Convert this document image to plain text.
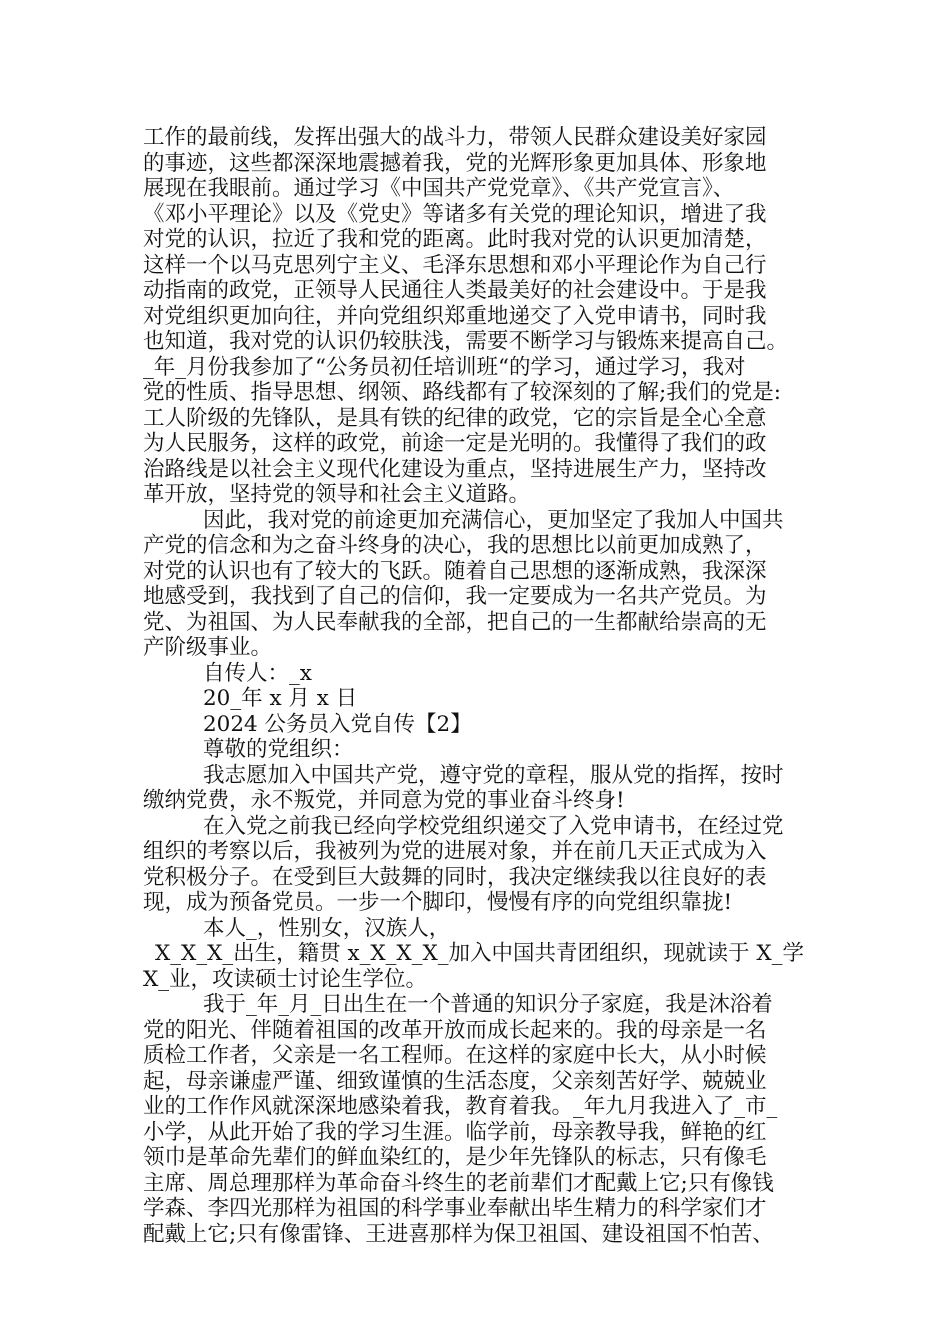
工作的最前线，发挥出强大的战斗力，带领人民群众建设美好家园
的事迹，这些都深深地震撼着我，党的光辉形象更加具体、形象地
展现在我眼前。通过学习《中国共产党党章》、《共产党宣言》、
《邓小平理论》以及《党史》等诸多有关党的理论知识，增进了我
对党的认识，拉近了我和党的距离。此时我对党的认识更加清楚，
这样一个以马克思列宁主义、毛泽东思想和邓小平理论作为自己行
动指南的政党，正领导人民通往人类最美好的社会建设中。于是我
对党组织更加向往，并向党组织郑重地递交了入党申请书，同时我
也知道，我对党的认识仍较肤浅，需要不断学习与锻炼来提高自己。
_年_月份我参加了“公务员初任培训班“的学习，通过学习，我对
党的性质、指导思想、纲领、路线都有了较深刻的了解;我们的党是:
工人阶级的先锋队，是具有铁的纪律的政党，它的宗旨是全心全意
为人民服务，这样的政党，前途一定是光明的。我懂得了我们的政
治路线是以社会主义现代化建设为重点，坚持进展生产力，坚持改
革开放，坚持党的领导和社会主义道路。
因此，我对党的前途更加充满信心，更加坚定了我加人中国共
产党的信念和为之奋斗终身的决心，我的思想比以前更加成熟了，
对党的认识也有了较大的飞跃。随着自己思想的逐渐成熟，我深深
地感受到，我找到了自己的信仰，我一定要成为一名共产党员。为
党、为祖国、为人民奉献我的全部，把自己的一生都献给崇高的无
产阶级事业。
自传人：_x
20_年 x 月 x 日
2024 公务员入党自传【2】
尊敬的党组织：
我志愿加入中国共产党，遵守党的章程，服从党的指挥，按时
缴纳党费，永不叛党，并同意为党的事业奋斗终身!
在入党之前我已经向学校党组织递交了入党申请书，在经过党
组织的考察以后，我被列为党的进展对象，并在前几天正式成为入
党积极分子。在受到巨大鼓舞的同时，我决定继续我以往良好的表
现，成为预备党员。一步一个脚印，慢慢有序的向党组织靠拢!
本人_，性别女，汉族人，
X_X_X_出生，籍贯 x_X_X_X_加入中国共青团组织，现就读于 X_学
X_业，攻读硕士讨论生学位。
我于_年_月_日出生在一个普通的知识分子家庭，我是沐浴着
党的阳光、伴随着祖国的改革开放而成长起来的。我的母亲是一名
质检工作者，父亲是一名工程师。在这样的家庭中长大，从小时候
起，母亲谦虚严谨、细致谨慎的生活态度，父亲刻苦好学、兢兢业
业的工作作风就深深地感染着我，教育着我。_年九月我进入了_市_
小学，从此开始了我的学习生涯。临学前，母亲教导我，鲜艳的红
领巾是革命先辈们的鲜血染红的，是少年先锋队的标志，只有像毛
主席、周总理那样为革命奋斗终生的老前辈们才配戴上它;只有像钱
学森、李四光那样为祖国的科学事业奉献出毕生精力的科学家们才
配戴上它;只有像雷锋、王进喜那样为保卫祖国、建设祖国不怕苦、
